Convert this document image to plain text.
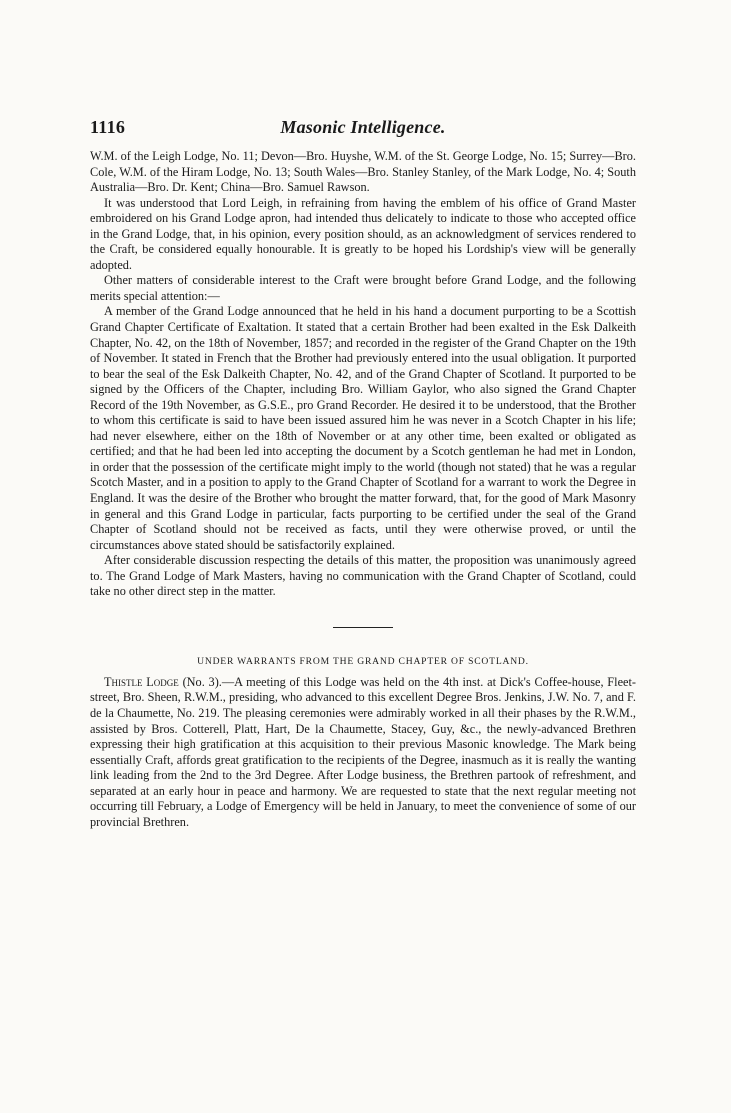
1116	Masonic Intelligence.

W.M. of the Leigh Lodge, No. 11; Devon—Bro. Huyshe, W.M. of the St. George Lodge, No. 15; Surrey—Bro. Cole, W.M. of the Hiram Lodge, No. 13; South Wales—Bro. Stanley Stanley, of the Mark Lodge, No. 4; South Australia—Bro. Dr. Kent; China—Bro. Samuel Rawson.

It was understood that Lord Leigh, in refraining from having the emblem of his office of Grand Master embroidered on his Grand Lodge apron, had intended thus delicately to indicate to those who accepted office in the Grand Lodge, that, in his opinion, every position should, as an acknowledgment of services rendered to the Craft, be considered equally honourable. It is greatly to be hoped his Lordship's view will be generally adopted.

Other matters of considerable interest to the Craft were brought before Grand Lodge, and the following merits special attention:—

A member of the Grand Lodge announced that he held in his hand a document purporting to be a Scottish Grand Chapter Certificate of Exaltation. It stated that a certain Brother had been exalted in the Esk Dalkeith Chapter, No. 42, on the 18th of November, 1857; and recorded in the register of the Grand Chapter on the 19th of November. It stated in French that the Brother had previously entered into the usual obligation. It purported to bear the seal of the Esk Dalkeith Chapter, No. 42, and of the Grand Chapter of Scotland. It purported to be signed by the Officers of the Chapter, including Bro. William Gaylor, who also signed the Grand Chapter Record of the 19th November, as G.S.E., pro Grand Recorder. He desired it to be understood, that the Brother to whom this certificate is said to have been issued assured him he was never in a Scotch Chapter in his life; had never elsewhere, either on the 18th of November or at any other time, been exalted or obligated as certified; and that he had been led into accepting the document by a Scotch gentleman he had met in London, in order that the possession of the certificate might imply to the world (though not stated) that he was a regular Scotch Master, and in a position to apply to the Grand Chapter of Scotland for a warrant to work the Degree in England. It was the desire of the Brother who brought the matter forward, that, for the good of Mark Masonry in general and this Grand Lodge in particular, facts purporting to be certified under the seal of the Grand Chapter of Scotland should not be received as facts, until they were otherwise proved, or until the circumstances above stated should be satisfactorily explained.

After considerable discussion respecting the details of this matter, the proposition was unanimously agreed to. The Grand Lodge of Mark Masters, having no communication with the Grand Chapter of Scotland, could take no other direct step in the matter.

UNDER WARRANTS FROM THE GRAND CHAPTER OF SCOTLAND.

Thistle Lodge (No. 3).—A meeting of this Lodge was held on the 4th inst. at Dick's Coffee-house, Fleet-street, Bro. Sheen, R.W.M., presiding, who advanced to this excellent Degree Bros. Jenkins, J.W. No. 7, and F. de la Chaumette, No. 219. The pleasing ceremonies were admirably worked in all their phases by the R.W.M., assisted by Bros. Cotterell, Platt, Hart, De la Chaumette, Stacey, Guy, &c., the newly-advanced Brethren expressing their high gratification at this acquisition to their previous Masonic knowledge. The Mark being essentially Craft, affords great gratification to the recipients of the Degree, inasmuch as it is really the wanting link leading from the 2nd to the 3rd Degree. After Lodge business, the Brethren partook of refreshment, and separated at an early hour in peace and harmony. We are requested to state that the next regular meeting not occurring till February, a Lodge of Emergency will be held in January, to meet the convenience of some of our provincial Brethren.
